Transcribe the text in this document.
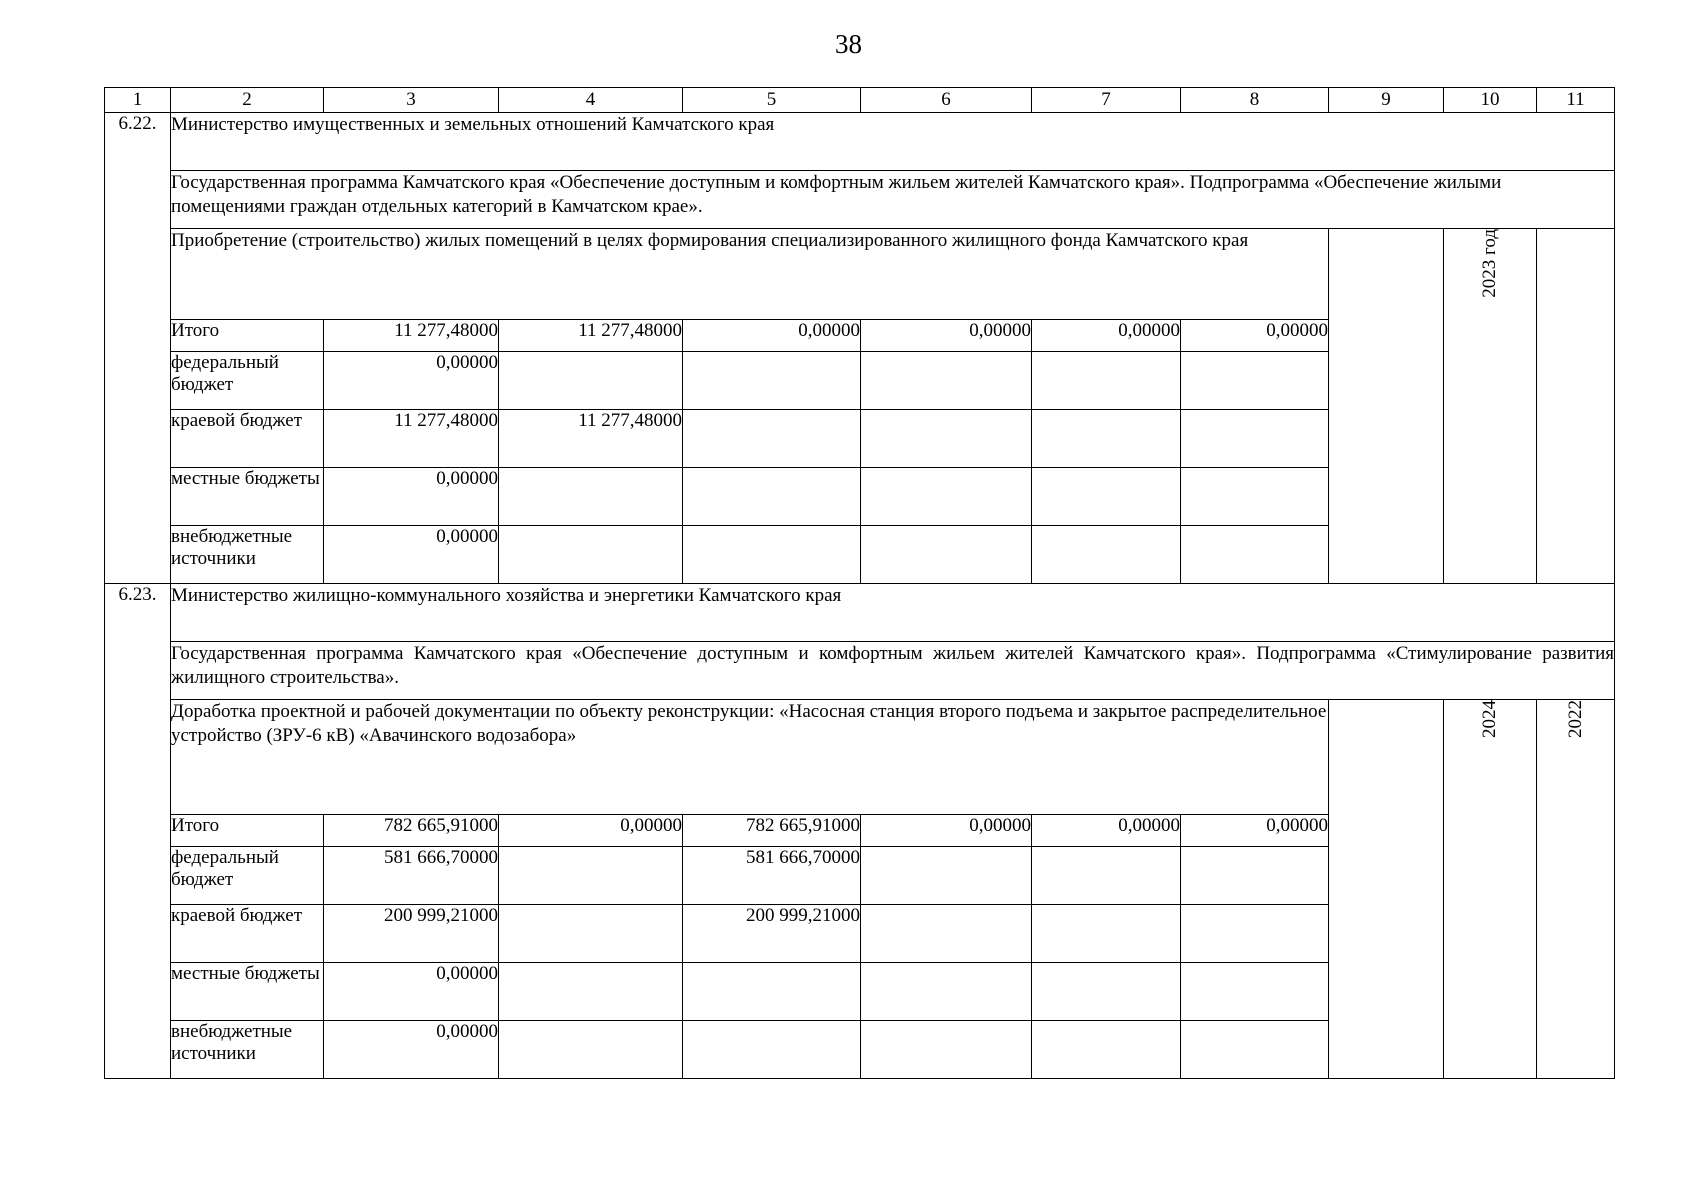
38
1	2	3	4	5	6	7	8	9	10	11
6.22.	Министерство имущественных и земельных отношений Камчатского края									
	Государственная программа Камчатского края «Обеспечение доступным и комфортным жильем жителей Камчатского края». Подпрограмма «Обеспечение жилыми помещениями граждан отдельных категорий в Камчатском крае».									
	Приобретение (строительство) жилых помещений в целях формирования специализированного жилищного фонда Камчатского края								2023 год	
	Итого	11 277,48000	11 277,48000	0,00000	0,00000	0,00000	0,00000			
	федеральный бюджет	0,00000								
	краевой бюджет	11 277,48000	11 277,48000							
	местные бюджеты	0,00000								
	внебюджетные источники	0,00000								
6.23.	Министерство жилищно-коммунального хозяйства и энергетики Камчатского края									
	Государственная программа Камчатского края «Обеспечение доступным и комфортным жильем жителей Камчатского края». Подпрограмма «Стимулирование развития жилищного строительства».									
	Доработка проектной и рабочей документации по объекту реконструкции: «Насосная станция второго подъема и закрытое распределительное устройство (ЗРУ-6 кВ) «Авачинского водозабора»								2024	2022
	Итого	782 665,91000	0,00000	782 665,91000	0,00000	0,00000	0,00000			
	федеральный бюджет	581 666,70000		581 666,70000						
	краевой бюджет	200 999,21000		200 999,21000						
	местные бюджеты	0,00000								
	внебюджетные источники	0,00000								
